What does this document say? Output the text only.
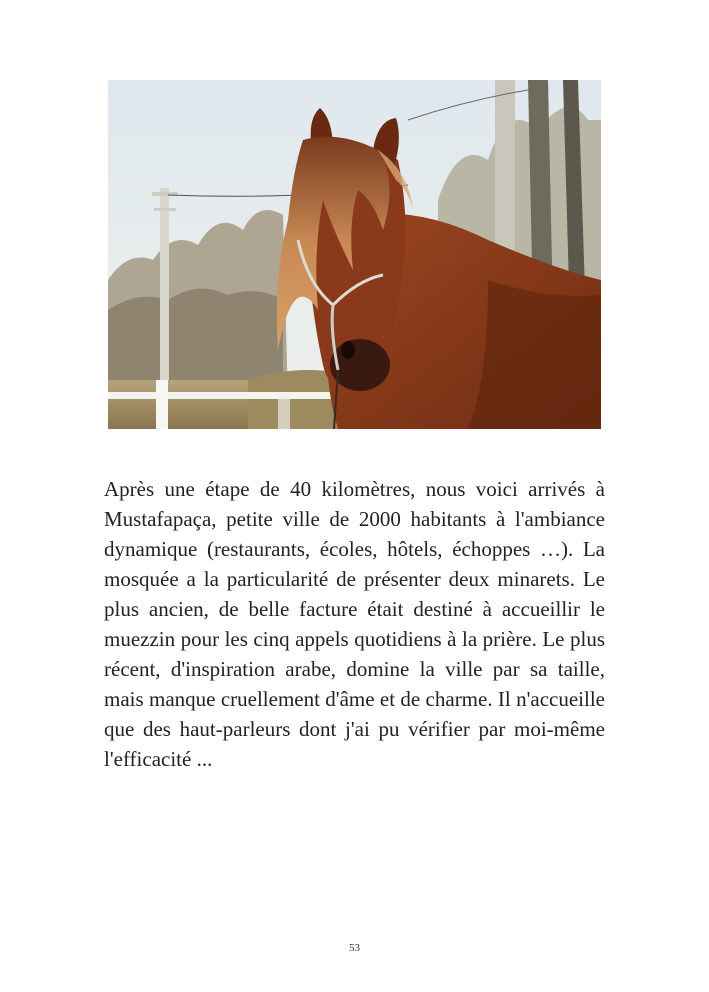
Après une étape de 40 kilomètres, nous voici arrivés à Mustafapaça, petite ville de 2000 habitants à l'ambiance dynamique (restaurants, écoles, hôtels, échoppes …). La mosquée a la particularité de présenter deux minarets. Le plus ancien, de belle facture était destiné à accueillir le muezzin pour les cinq appels quotidiens à la prière. Le plus récent, d'inspiration arabe, domine la ville par sa taille, mais manque cruellement d'âme et de charme. Il n'accueille que des haut-parleurs dont j'ai pu vérifier par moi-même l'efficacité ...

53
